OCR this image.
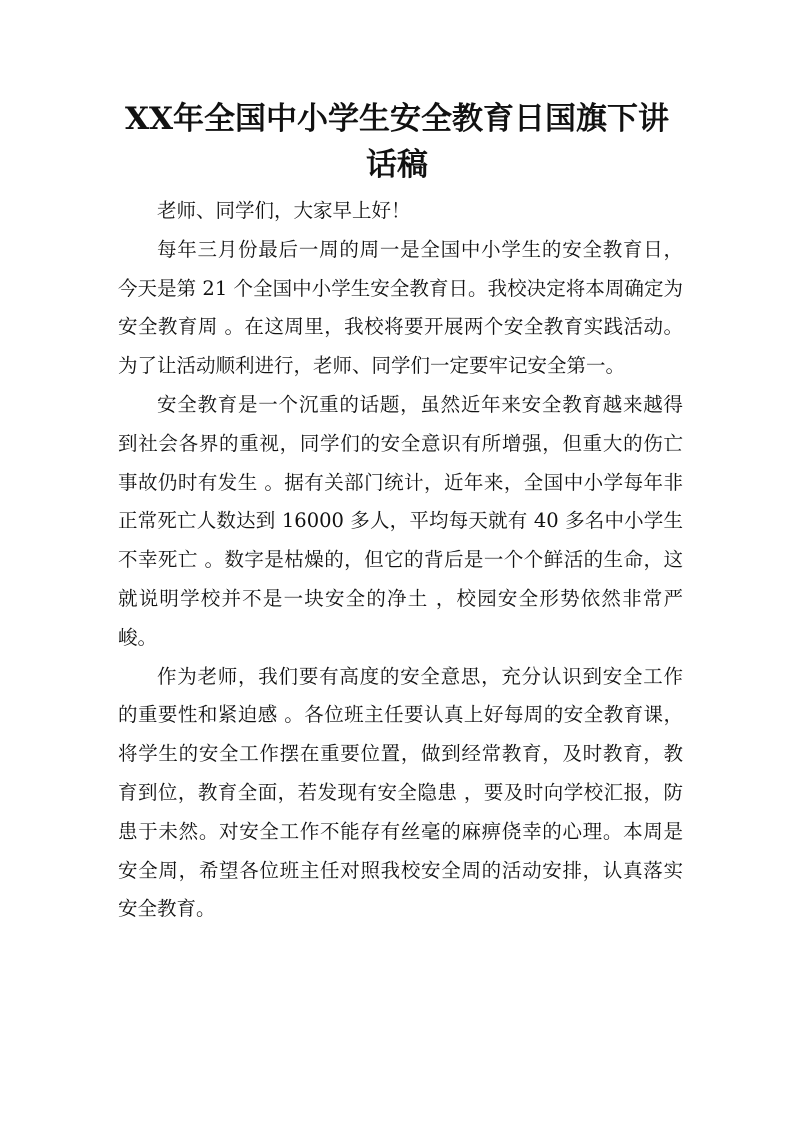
XX年全国中小学生安全教育日国旗下讲话稿

老师、同学们，大家早上好！

每年三月份最后一周的周一是全国中小学生的安全教育日，今天是第 21 个全国中小学生安全教育日。我校决定将本周确定为安全教育周 。在这周里，我校将要开展两个安全教育实践活动。为了让活动顺利进行，老师、同学们一定要牢记安全第一。

安全教育是一个沉重的话题，虽然近年来安全教育越来越得到社会各界的重视，同学们的安全意识有所增强，但重大的伤亡事故仍时有发生 。据有关部门统计，近年来，全国中小学每年非正常死亡人数达到 16000 多人，平均每天就有 40 多名中小学生不幸死亡 。数字是枯燥的，但它的背后是一个个鲜活的生命，这就说明学校并不是一块安全的净土 ，校园安全形势依然非常严峻。

作为老师，我们要有高度的安全意思，充分认识到安全工作的重要性和紧迫感 。各位班主任要认真上好每周的安全教育课，将学生的安全工作摆在重要位置，做到经常教育，及时教育，教育到位，教育全面，若发现有安全隐患 ，要及时向学校汇报，防患于未然。对安全工作不能存有丝毫的麻痹侥幸的心理。本周是安全周，希望各位班主任对照我校安全周的活动安排，认真落实安全教育。
